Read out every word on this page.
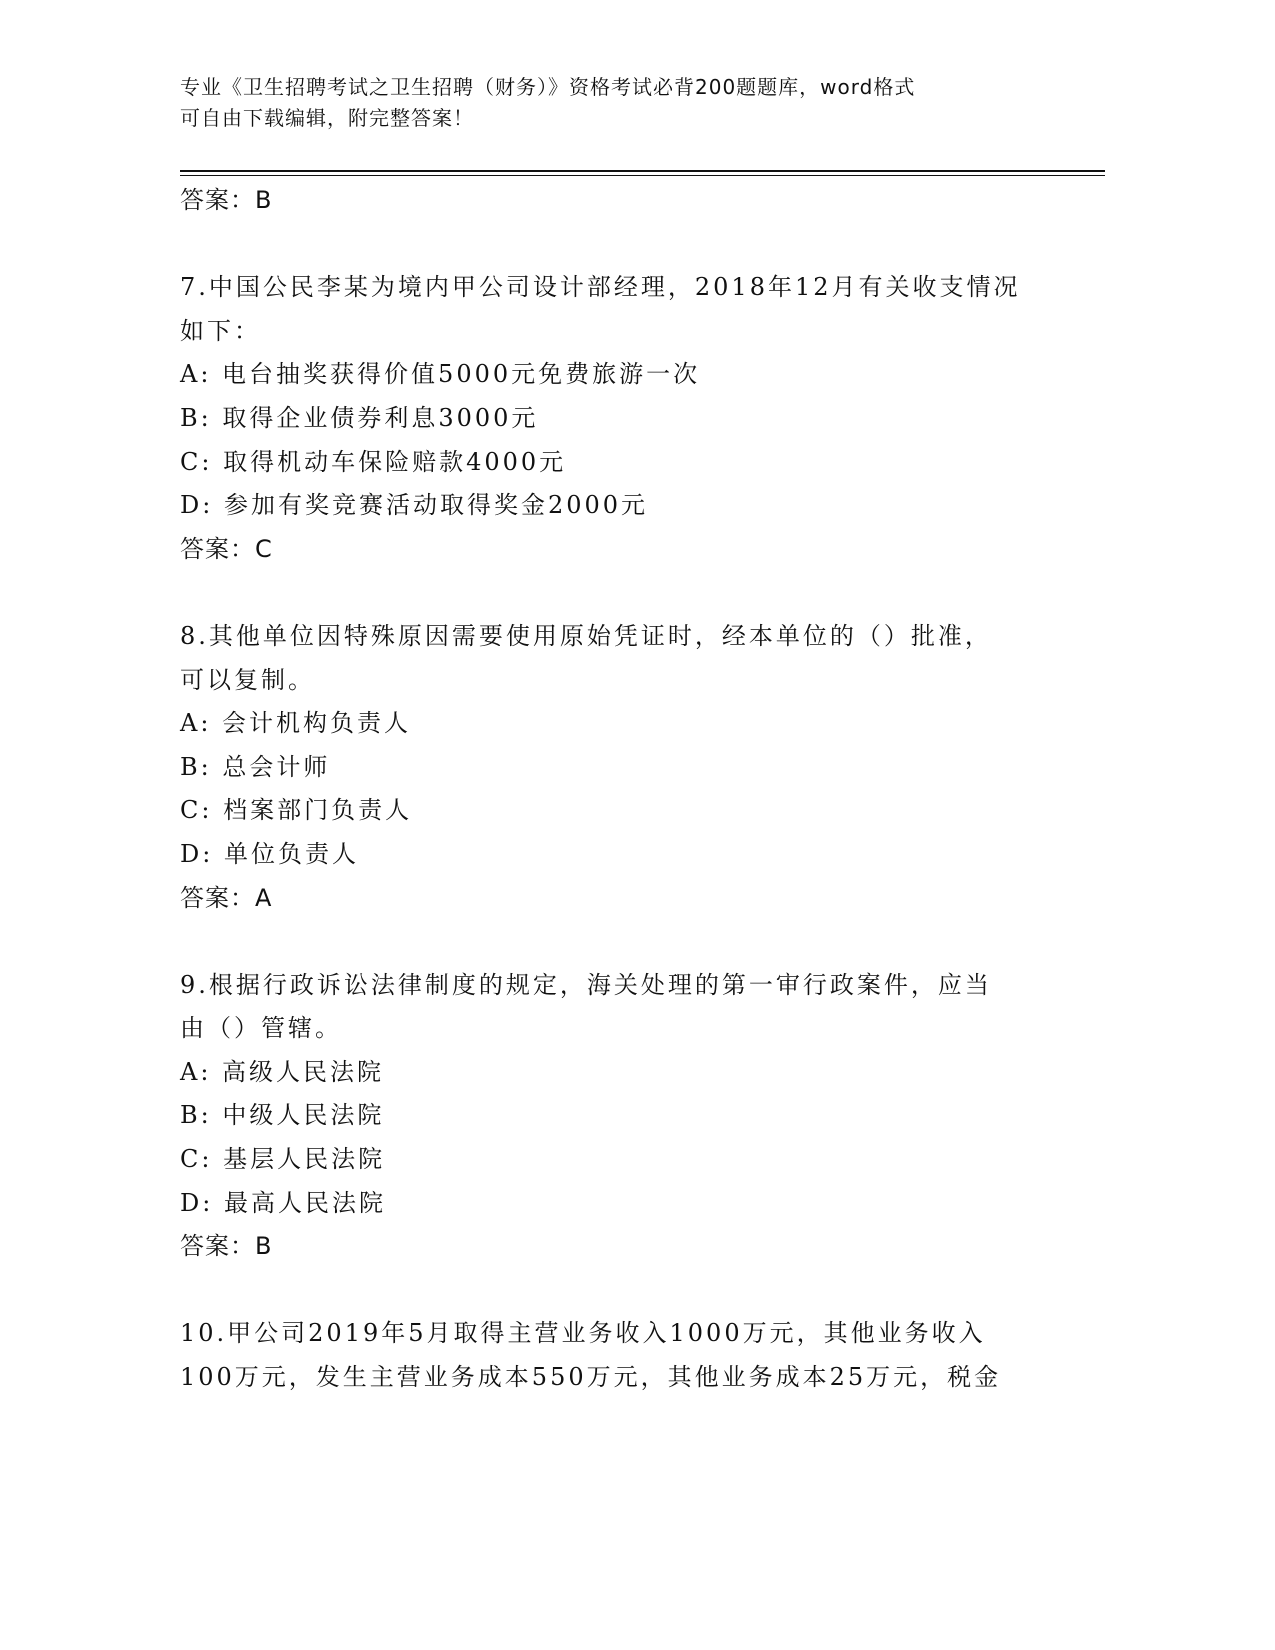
专业《卫生招聘考试之卫生招聘（财务）》资格考试必背200题题库，word格式
可自由下载编辑，附完整答案！
答案：B
7.中国公民李某为境内甲公司设计部经理，2018年12月有关收支情况
如下：
A: 电台抽奖获得价值5000元免费旅游一次
B: 取得企业债券利息3000元
C: 取得机动车保险赔款4000元
D: 参加有奖竞赛活动取得奖金2000元
答案：C
8.其他单位因特殊原因需要使用原始凭证时，经本单位的（）批准，
可以复制。
A: 会计机构负责人
B: 总会计师
C: 档案部门负责人
D: 单位负责人
答案：A
9.根据行政诉讼法律制度的规定，海关处理的第一审行政案件，应当
由（）管辖。
A: 高级人民法院
B: 中级人民法院
C: 基层人民法院
D: 最高人民法院
答案：B
10.甲公司2019年5月取得主营业务收入1000万元，其他业务收入
100万元，发生主营业务成本550万元，其他业务成本25万元，税金
